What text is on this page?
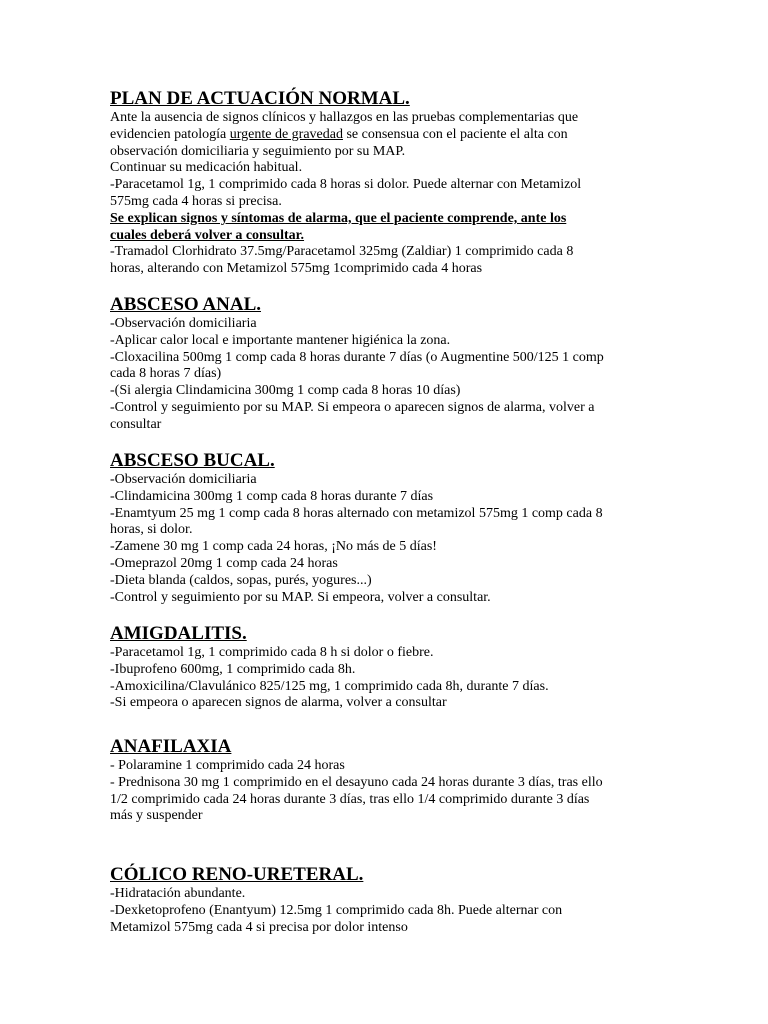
PLAN DE ACTUACIÓN NORMAL.

Ante la ausencia de signos clínicos y hallazgos en las pruebas complementarias que
evidencien patología urgente de gravedad se consensua con el paciente el alta con
observación domiciliaria y seguimiento por su MAP.
Continuar su medicación habitual.
-Paracetamol 1g, 1 comprimido cada 8 horas si dolor. Puede alternar con Metamizol
575mg cada 4 horas si precisa.
Se explican signos y síntomas de alarma, que el paciente comprende, ante los
cuales deberá volver a consultar.
-Tramadol Clorhidrato 37.5mg/Paracetamol 325mg (Zaldiar) 1 comprimido cada 8
horas, alterando con Metamizol 575mg 1comprimido cada 4 horas

ABSCESO ANAL.

-Observación domiciliaria
-Aplicar calor local e importante mantener higiénica la zona.
-Cloxacilina 500mg 1 comp cada 8 horas durante 7 días (o Augmentine 500/125 1 comp
cada 8 horas 7 días)
-(Si alergia Clindamicina 300mg 1 comp cada 8 horas 10 días)
-Control y seguimiento por su MAP. Si empeora o aparecen signos de alarma, volver a
consultar

ABSCESO BUCAL.

-Observación domiciliaria
-Clindamicina 300mg 1 comp cada 8 horas durante 7 días
-Enamtyum 25 mg 1 comp cada 8 horas alternado con metamizol 575mg 1 comp cada 8
horas, si dolor.
-Zamene 30 mg 1 comp cada 24 horas, ¡No más de 5 días!
-Omeprazol 20mg 1 comp cada 24 horas
-Dieta blanda (caldos, sopas, purés, yogures...)
-Control y seguimiento por su MAP. Si empeora, volver a consultar.

AMIGDALITIS.

-Paracetamol 1g, 1 comprimido cada 8 h si dolor o fiebre.
-Ibuprofeno 600mg, 1 comprimido cada 8h.
-Amoxicilina/Clavulánico 825/125 mg, 1 comprimido cada 8h, durante 7 días.
-Si empeora o aparecen signos de alarma, volver a consultar

ANAFILAXIA

- Polaramine 1 comprimido cada 24 horas
- Prednisona 30 mg 1 comprimido en el desayuno cada 24 horas durante 3 días, tras ello
1/2 comprimido cada 24 horas durante 3 días, tras ello 1/4 comprimido durante 3 días
más y suspender

CÓLICO RENO-URETERAL.

-Hidratación abundante.
-Dexketoprofeno (Enantyum) 12.5mg 1 comprimido cada 8h. Puede alternar con
Metamizol 575mg cada 4 si precisa por dolor intenso
